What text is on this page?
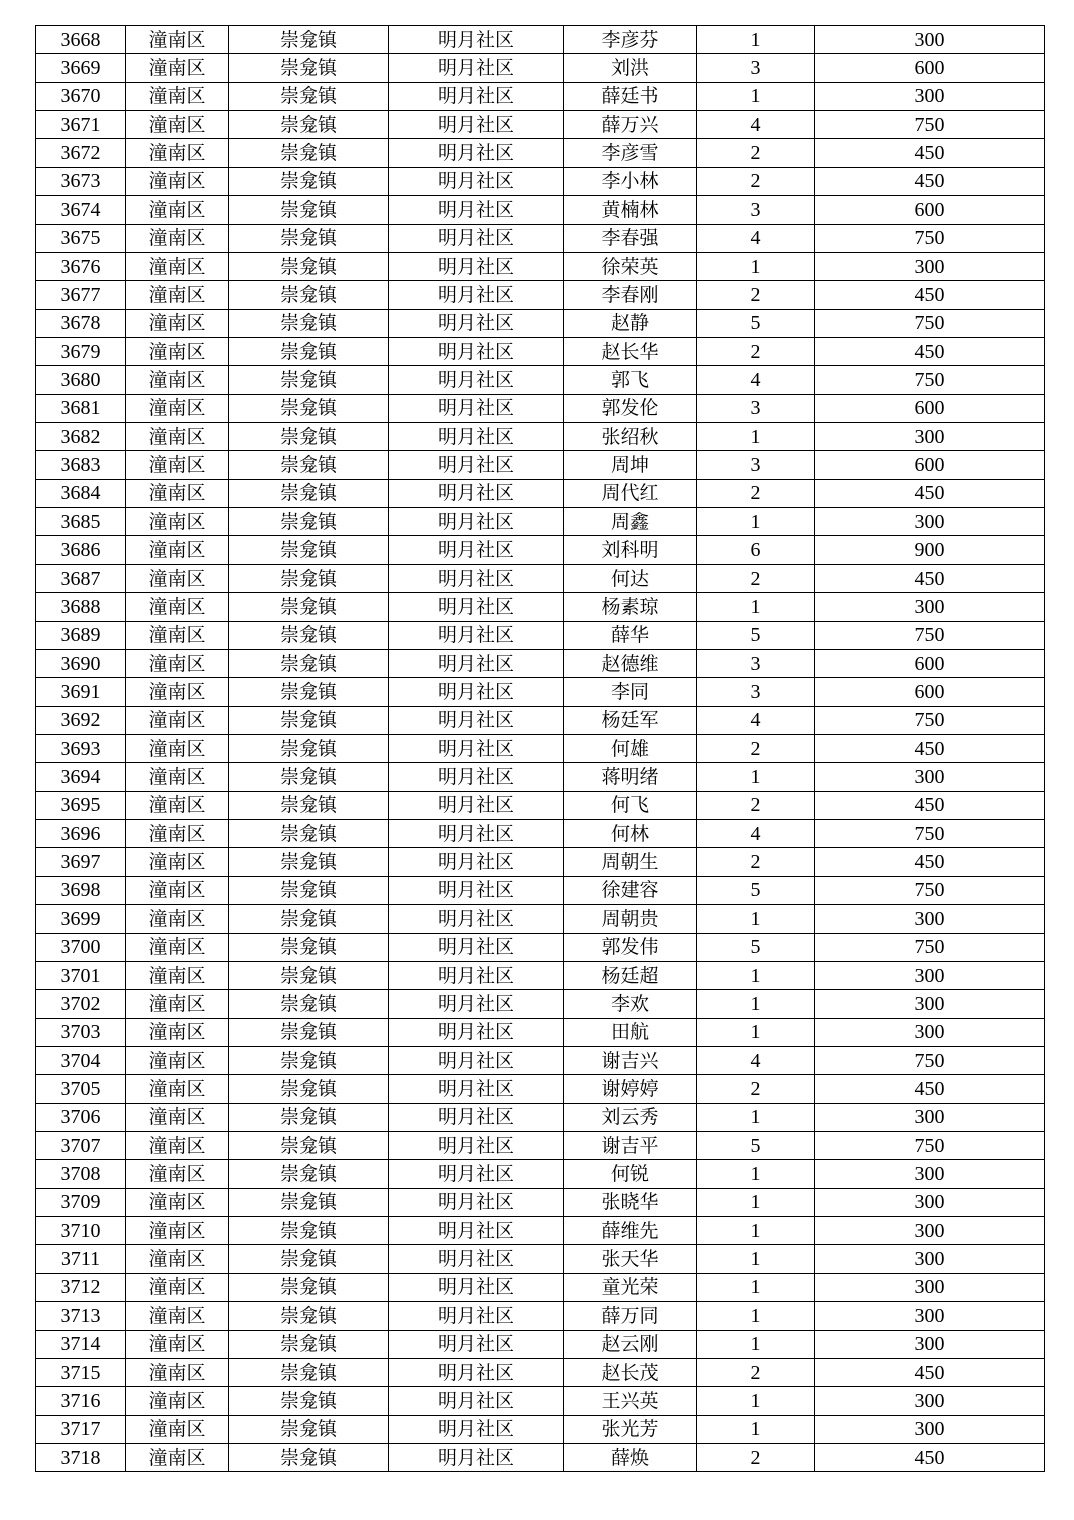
3668	潼南区	崇龛镇	明月社区	李彦芬	1	300
3669	潼南区	崇龛镇	明月社区	刘洪	3	600
3670	潼南区	崇龛镇	明月社区	薛廷书	1	300
3671	潼南区	崇龛镇	明月社区	薛万兴	4	750
3672	潼南区	崇龛镇	明月社区	李彦雪	2	450
3673	潼南区	崇龛镇	明月社区	李小林	2	450
3674	潼南区	崇龛镇	明月社区	黄楠林	3	600
3675	潼南区	崇龛镇	明月社区	李春强	4	750
3676	潼南区	崇龛镇	明月社区	徐荣英	1	300
3677	潼南区	崇龛镇	明月社区	李春刚	2	450
3678	潼南区	崇龛镇	明月社区	赵静	5	750
3679	潼南区	崇龛镇	明月社区	赵长华	2	450
3680	潼南区	崇龛镇	明月社区	郭飞	4	750
3681	潼南区	崇龛镇	明月社区	郭发伦	3	600
3682	潼南区	崇龛镇	明月社区	张绍秋	1	300
3683	潼南区	崇龛镇	明月社区	周坤	3	600
3684	潼南区	崇龛镇	明月社区	周代红	2	450
3685	潼南区	崇龛镇	明月社区	周鑫	1	300
3686	潼南区	崇龛镇	明月社区	刘科明	6	900
3687	潼南区	崇龛镇	明月社区	何达	2	450
3688	潼南区	崇龛镇	明月社区	杨素琼	1	300
3689	潼南区	崇龛镇	明月社区	薛华	5	750
3690	潼南区	崇龛镇	明月社区	赵德维	3	600
3691	潼南区	崇龛镇	明月社区	李同	3	600
3692	潼南区	崇龛镇	明月社区	杨廷军	4	750
3693	潼南区	崇龛镇	明月社区	何雄	2	450
3694	潼南区	崇龛镇	明月社区	蒋明绪	1	300
3695	潼南区	崇龛镇	明月社区	何飞	2	450
3696	潼南区	崇龛镇	明月社区	何林	4	750
3697	潼南区	崇龛镇	明月社区	周朝生	2	450
3698	潼南区	崇龛镇	明月社区	徐建容	5	750
3699	潼南区	崇龛镇	明月社区	周朝贵	1	300
3700	潼南区	崇龛镇	明月社区	郭发伟	5	750
3701	潼南区	崇龛镇	明月社区	杨廷超	1	300
3702	潼南区	崇龛镇	明月社区	李欢	1	300
3703	潼南区	崇龛镇	明月社区	田航	1	300
3704	潼南区	崇龛镇	明月社区	谢吉兴	4	750
3705	潼南区	崇龛镇	明月社区	谢婷婷	2	450
3706	潼南区	崇龛镇	明月社区	刘云秀	1	300
3707	潼南区	崇龛镇	明月社区	谢吉平	5	750
3708	潼南区	崇龛镇	明月社区	何锐	1	300
3709	潼南区	崇龛镇	明月社区	张晓华	1	300
3710	潼南区	崇龛镇	明月社区	薛维先	1	300
3711	潼南区	崇龛镇	明月社区	张天华	1	300
3712	潼南区	崇龛镇	明月社区	童光荣	1	300
3713	潼南区	崇龛镇	明月社区	薛万同	1	300
3714	潼南区	崇龛镇	明月社区	赵云刚	1	300
3715	潼南区	崇龛镇	明月社区	赵长茂	2	450
3716	潼南区	崇龛镇	明月社区	王兴英	1	300
3717	潼南区	崇龛镇	明月社区	张光芳	1	300
3718	潼南区	崇龛镇	明月社区	薛焕	2	450
